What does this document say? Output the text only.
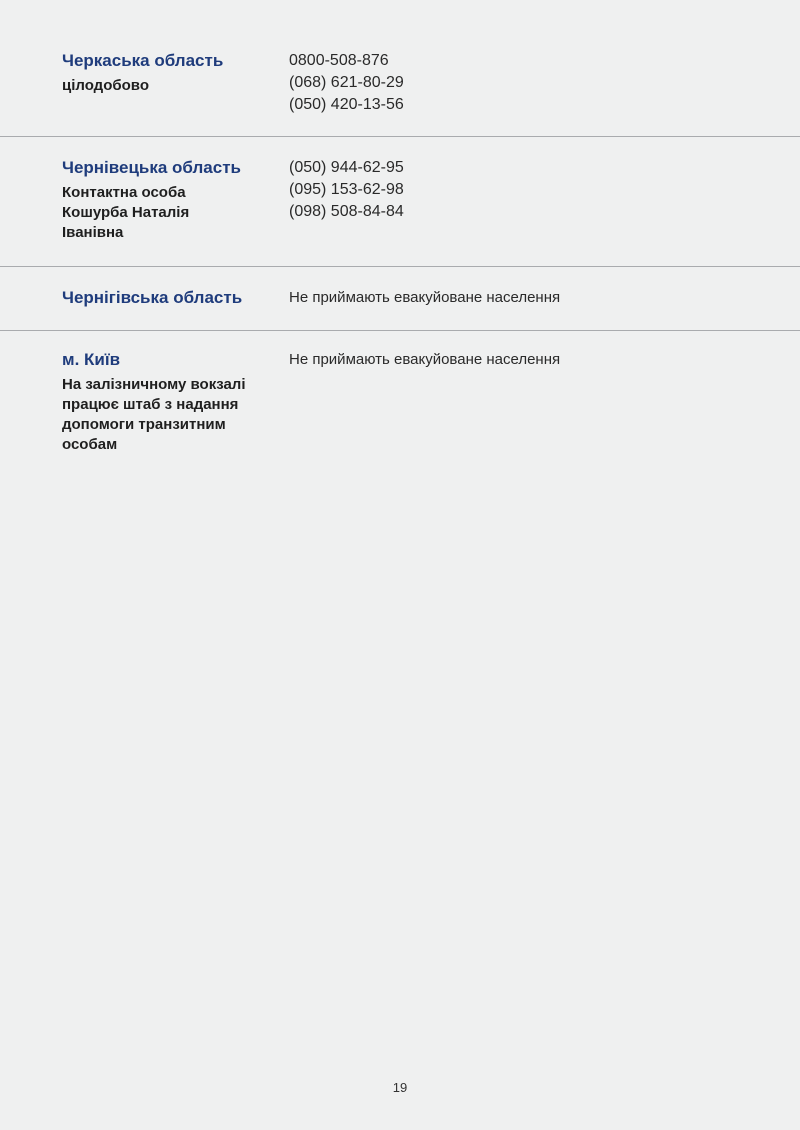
Черкаська область

цілодобово

0800-508-876

(068) 621-80-29

(050) 420-13-56

Чернівецька область

Контактна особа
Кошурба Наталія
Іванівна

(050) 944-62-95

(095) 153-62-98

(098) 508-84-84

Чернігівська область	Не приймають евакуйоване населення

м. Київ

На залізничному вокзалі
працює штаб з надання
допомоги транзитним
особам

Не приймають евакуйоване населення

19
